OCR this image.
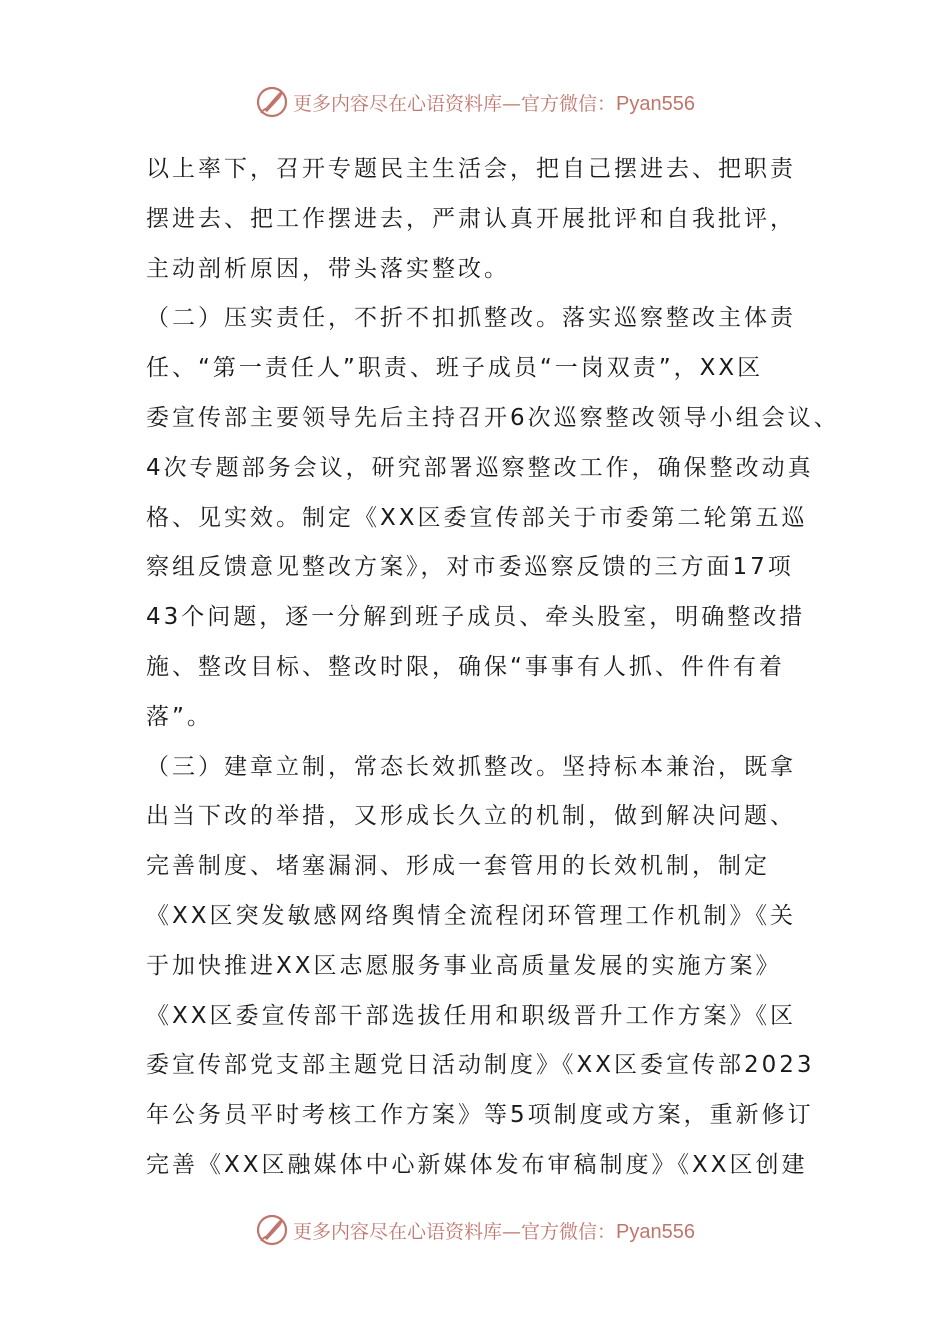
更多内容尽在心语资料库—官方微信：Pyan556
以上率下，召开专题民主生活会，把自己摆进去、把职责
摆进去、把工作摆进去，严肃认真开展批评和自我批评，
主动剖析原因，带头落实整改。
（二）压实责任，不折不扣抓整改。落实巡察整改主体责
任、“第一责任人”职责、班子成员“一岗双责”，XX区
委宣传部主要领导先后主持召开6次巡察整改领导小组会议、
4次专题部务会议，研究部署巡察整改工作，确保整改动真
格、见实效。制定《XX区委宣传部关于市委第二轮第五巡
察组反馈意见整改方案》，对市委巡察反馈的三方面17项
43个问题，逐一分解到班子成员、牵头股室，明确整改措
施、整改目标、整改时限，确保“事事有人抓、件件有着
落”。
（三）建章立制，常态长效抓整改。坚持标本兼治，既拿
出当下改的举措，又形成长久立的机制，做到解决问题、
完善制度、堵塞漏洞、形成一套管用的长效机制，制定
《XX区突发敏感网络舆情全流程闭环管理工作机制》《关
于加快推进XX区志愿服务事业高质量发展的实施方案》
《XX区委宣传部干部选拔任用和职级晋升工作方案》《区
委宣传部党支部主题党日活动制度》《XX区委宣传部2023
年公务员平时考核工作方案》等5项制度或方案，重新修订
完善《XX区融媒体中心新媒体发布审稿制度》《XX区创建
更多内容尽在心语资料库—官方微信：Pyan556
